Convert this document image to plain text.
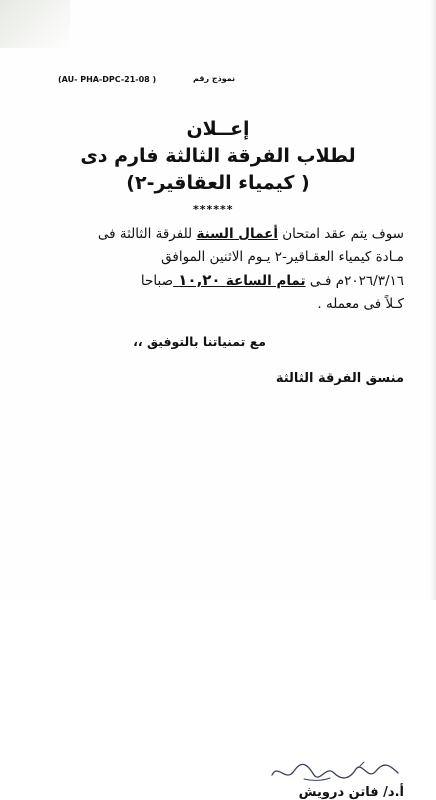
(AU- PHA-DPC-21-08 )	نموذج رقم
إعــلان
لطلاب الفرقة الثالثة فارم دى
( كيمياء العقاقير-٢)
******
سوف يتم عقد امتحان أعمال السنة للفرقة الثالثة فى
مـادة كيمياء العقـاقير-٢ يـوم الاثنين الموافق
٢٠٢٦/٣/١٦م فـى تمام الساعة ١٠,٢٠ صباحا
كـلاً فى معمله .
مع تمنياتنا بالتوفيق ،،
منسق الفرقة الثالثة
أ.د/ فاتن درويش
